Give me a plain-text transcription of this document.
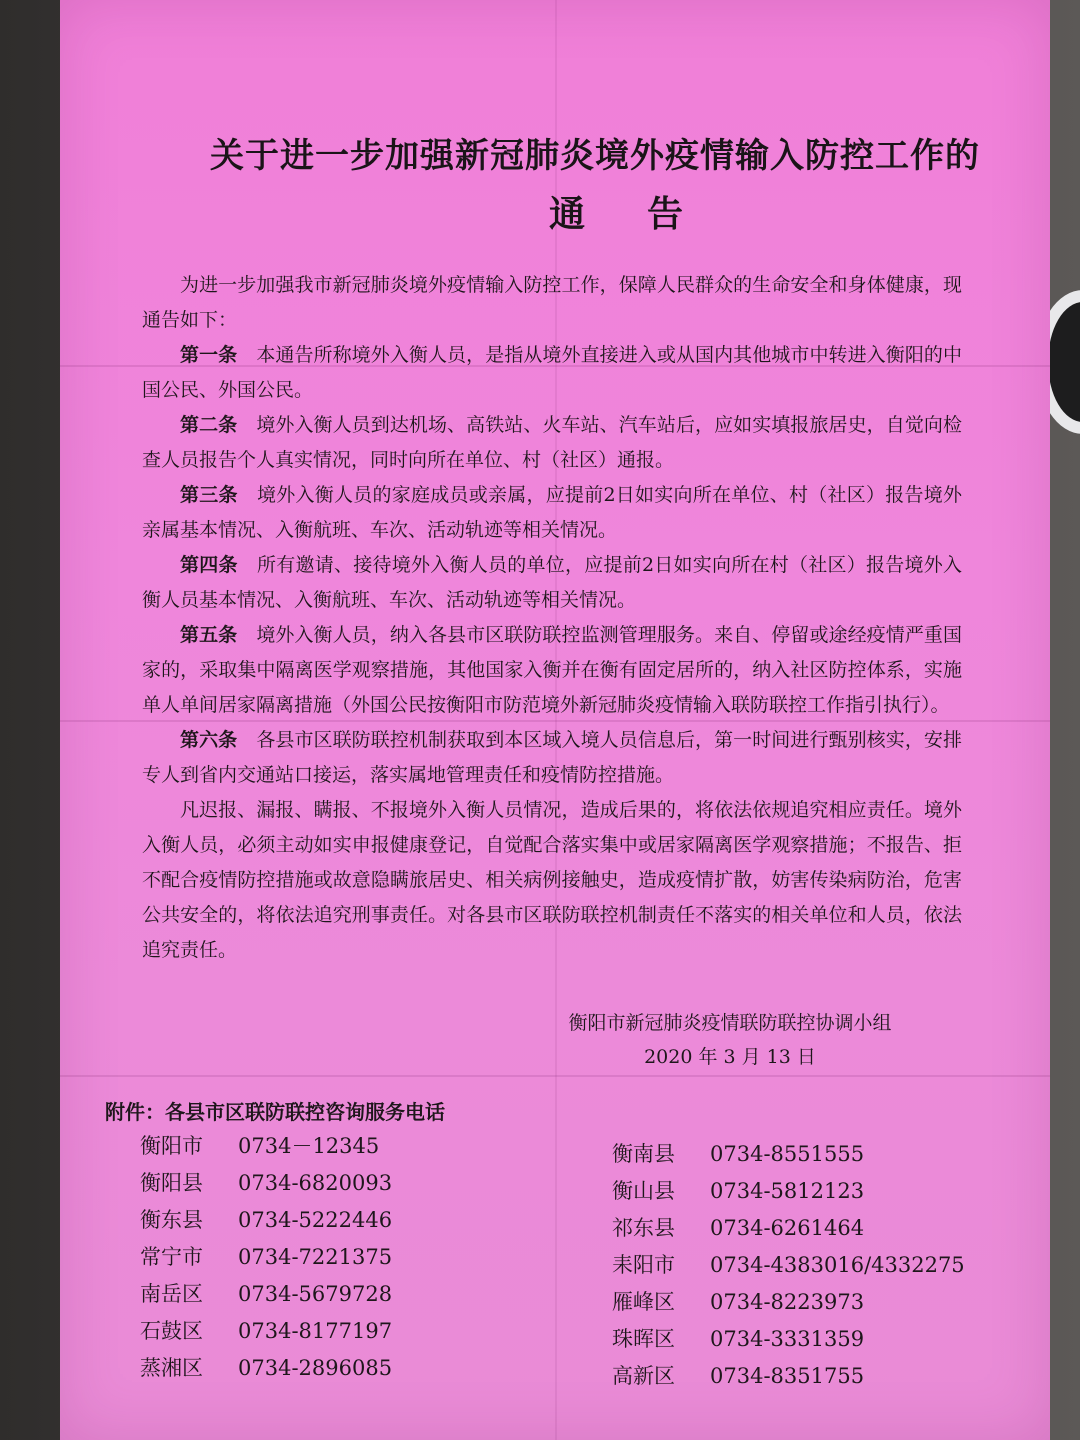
关于进一步加强新冠肺炎境外疫情输入防控工作的
通告

为进一步加强我市新冠肺炎境外疫情输入防控工作，保障人民群众的生命安全和身体健康，现通告如下：

第一条　 本通告所称境外入衡人员，是指从境外直接进入或从国内其他城市中转进入衡阳的中国公民、外国公民。

第二条　 境外入衡人员到达机场、高铁站、火车站、汽车站后，应如实填报旅居史，自觉向检查人员报告个人真实情况，同时向所在单位、村（社区）通报。

第三条　 境外入衡人员的家庭成员或亲属，应提前2日如实向所在单位、村（社区）报告境外亲属基本情况、入衡航班、车次、活动轨迹等相关情况。

第四条　 所有邀请、接待境外入衡人员的单位，应提前2日如实向所在村（社区）报告境外入衡人员基本情况、入衡航班、车次、活动轨迹等相关情况。

第五条　 境外入衡人员，纳入各县市区联防联控监测管理服务。来自、停留或途经疫情严重国家的，采取集中隔离医学观察措施，其他国家入衡并在衡有固定居所的，纳入社区防控体系，实施单人单间居家隔离措施（外国公民按衡阳市防范境外新冠肺炎疫情输入联防联控工作指引执行）。

第六条　 各县市区联防联控机制获取到本区域入境人员信息后，第一时间进行甄别核实，安排专人到省内交通站口接运，落实属地管理责任和疫情防控措施。

凡迟报、漏报、瞒报、不报境外入衡人员情况，造成后果的，将依法依规追究相应责任。境外入衡人员，必须主动如实申报健康登记，自觉配合落实集中或居家隔离医学观察措施；不报告、拒不配合疫情防控措施或故意隐瞒旅居史、相关病例接触史，造成疫情扩散，妨害传染病防治，危害公共安全的，将依法追究刑事责任。对各县市区联防联控机制责任不落实的相关单位和人员，依法追究责任。

衡阳市新冠肺炎疫情联防联控协调小组
2020 年 3 月 13 日
附件：各县市区联防联控咨询服务电话
衡阳市 0734－12345
衡阳县 0734-6820093
衡东县 0734-5222446
常宁市 0734-7221375
南岳区 0734-5679728
石鼓区 0734-8177197
蒸湘区 0734-2896085
衡南县 0734-8551555
衡山县 0734-5812123
祁东县 0734-6261464
耒阳市 0734-4383016/4332275
雁峰区 0734-8223973
珠晖区 0734-3331359
高新区 0734-8351755
